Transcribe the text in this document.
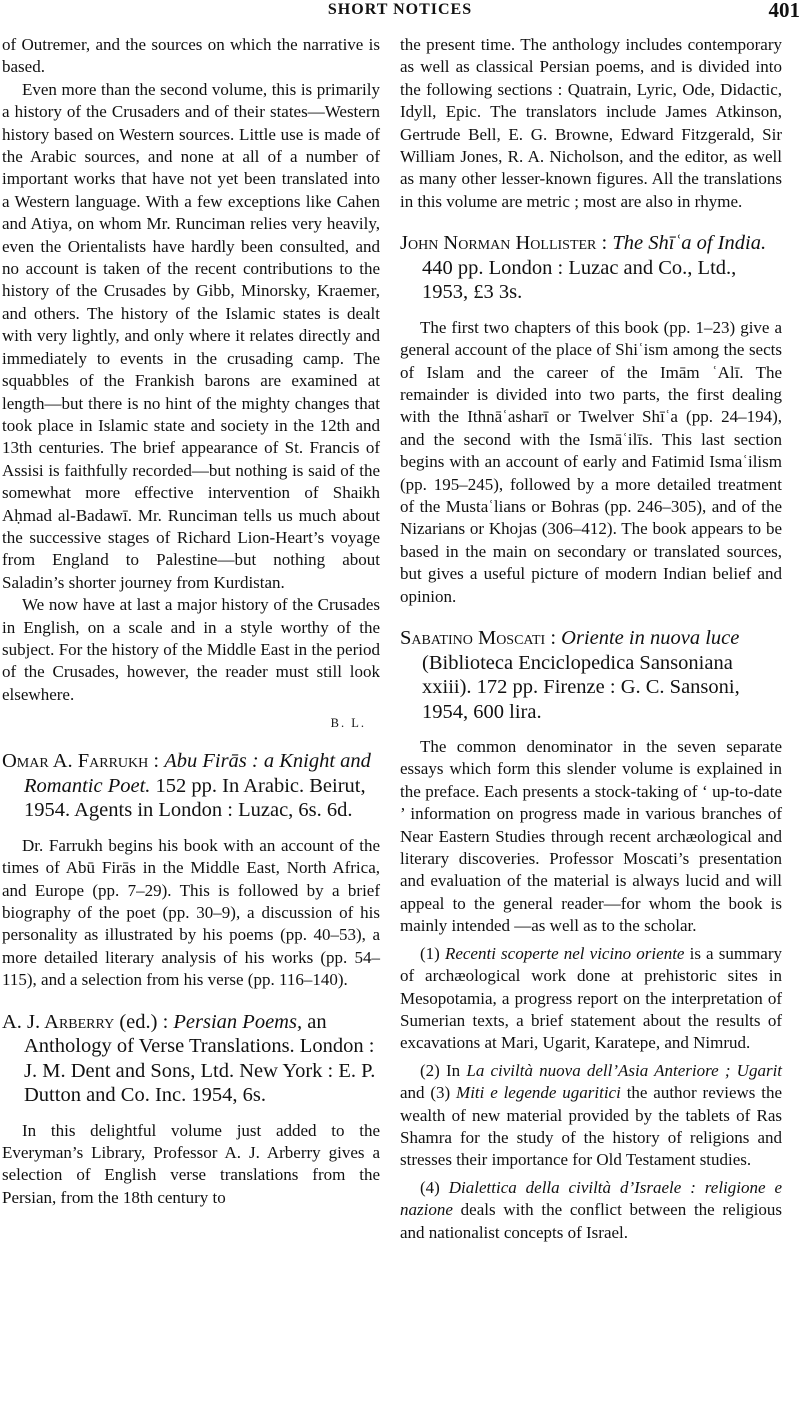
SHORT NOTICES	401

of Outremer, and the sources on which the narrative is based.

Even more than the second volume, this is primarily a history of the Crusaders and of their states—Western history based on Western sources. Little use is made of the Arabic sources, and none at all of a number of important works that have not yet been translated into a Western language. With a few exceptions like Cahen and Atiya, on whom Mr. Runciman relies very heavily, even the Orientalists have hardly been consulted, and no account is taken of the recent contributions to the history of the Crusades by Gibb, Minorsky, Kraemer, and others. The history of the Islamic states is dealt with very lightly, and only where it relates directly and immediately to events in the crusading camp. The squabbles of the Frankish barons are examined at length—but there is no hint of the mighty changes that took place in Islamic state and society in the 12th and 13th centuries. The brief appearance of St. Francis of Assisi is faithfully recorded—but nothing is said of the somewhat more effective intervention of Shaikh Aḥmad al-Badawī. Mr. Runciman tells us much about the successive stages of Richard Lion-Heart’s voyage from England to Palestine—but nothing about Saladin’s shorter journey from Kurdistan.

We now have at last a major history of the Crusades in English, on a scale and in a style worthy of the subject. For the history of the Middle East in the period of the Crusades, however, the reader must still look elsewhere.

B. L.
Omar A. Farrukh : Abu Firās : a Knight and Romantic Poet. 152 pp. In Arabic. Beirut, 1954. Agents in London : Luzac, 6s. 6d.

Dr. Farrukh begins his book with an account of the times of Abū Firās in the Middle East, North Africa, and Europe (pp. 7–29). This is followed by a brief biography of the poet (pp. 30–9), a discussion of his personality as illustrated by his poems (pp. 40–53), a more detailed literary analysis of his works (pp. 54–115), and a selection from his verse (pp. 116–140).

A. J. Arberry (ed.) : Persian Poems, an Anthology of Verse Translations. London : J. M. Dent and Sons, Ltd. New York : E. P. Dutton and Co. Inc. 1954, 6s.

In this delightful volume just added to the Everyman’s Library, Professor A. J. Arberry gives a selection of English verse translations from the Persian, from the 18th century to

the present time. The anthology includes contemporary as well as classical Persian poems, and is divided into the following sections : Quatrain, Lyric, Ode, Didactic, Idyll, Epic. The translators include James Atkinson, Gertrude Bell, E. G. Browne, Edward Fitzgerald, Sir William Jones, R. A. Nicholson, and the editor, as well as many other lesser-known figures. All the translations in this volume are metric ; most are also in rhyme.

John Norman Hollister : The Shīʿa of India. 440 pp. London : Luzac and Co., Ltd., 1953, £3 3s.

The first two chapters of this book (pp. 1–23) give a general account of the place of Shiʿism among the sects of Islam and the career of the Imām ʿAlī. The remainder is divided into two parts, the first dealing with the Ithnāʿasharī or Twelver Shīʿa (pp. 24–194), and the second with the Ismāʿilīs. This last section begins with an account of early and Fatimid Ismaʿilism (pp. 195–245), followed by a more detailed treatment of the Mustaʿlians or Bohras (pp. 246–305), and of the Nizarians or Khojas (306–412). The book appears to be based in the main on secondary or translated sources, but gives a useful picture of modern Indian belief and opinion.

Sabatino Moscati : Oriente in nuova luce (Biblioteca Enciclopedica Sansoniana xxiii). 172 pp. Firenze : G. C. Sansoni, 1954, 600 lira.

The common denominator in the seven separate essays which form this slender volume is explained in the preface. Each presents a stock-taking of ‘ up-to-date ’ information on progress made in various branches of Near Eastern Studies through recent archæological and literary discoveries. Professor Moscati’s presentation and evaluation of the material is always lucid and will appeal to the general reader—for whom the book is mainly intended —as well as to the scholar.

(1) Recenti scoperte nel vicino oriente is a summary of archæological work done at prehistoric sites in Mesopotamia, a progress report on the interpretation of Sumerian texts, a brief statement about the results of excavations at Mari, Ugarit, Karatepe, and Nimrud.

(2) In La civiltà nuova dell’Asia Anteriore ; Ugarit and (3) Miti e legende ugaritici the author reviews the wealth of new material provided by the tablets of Ras Shamra for the study of the history of religions and stresses their importance for Old Testament studies.

(4) Dialettica della civiltà d’Israele : religione e nazione deals with the conflict between the religious and nationalist concepts of Israel.
